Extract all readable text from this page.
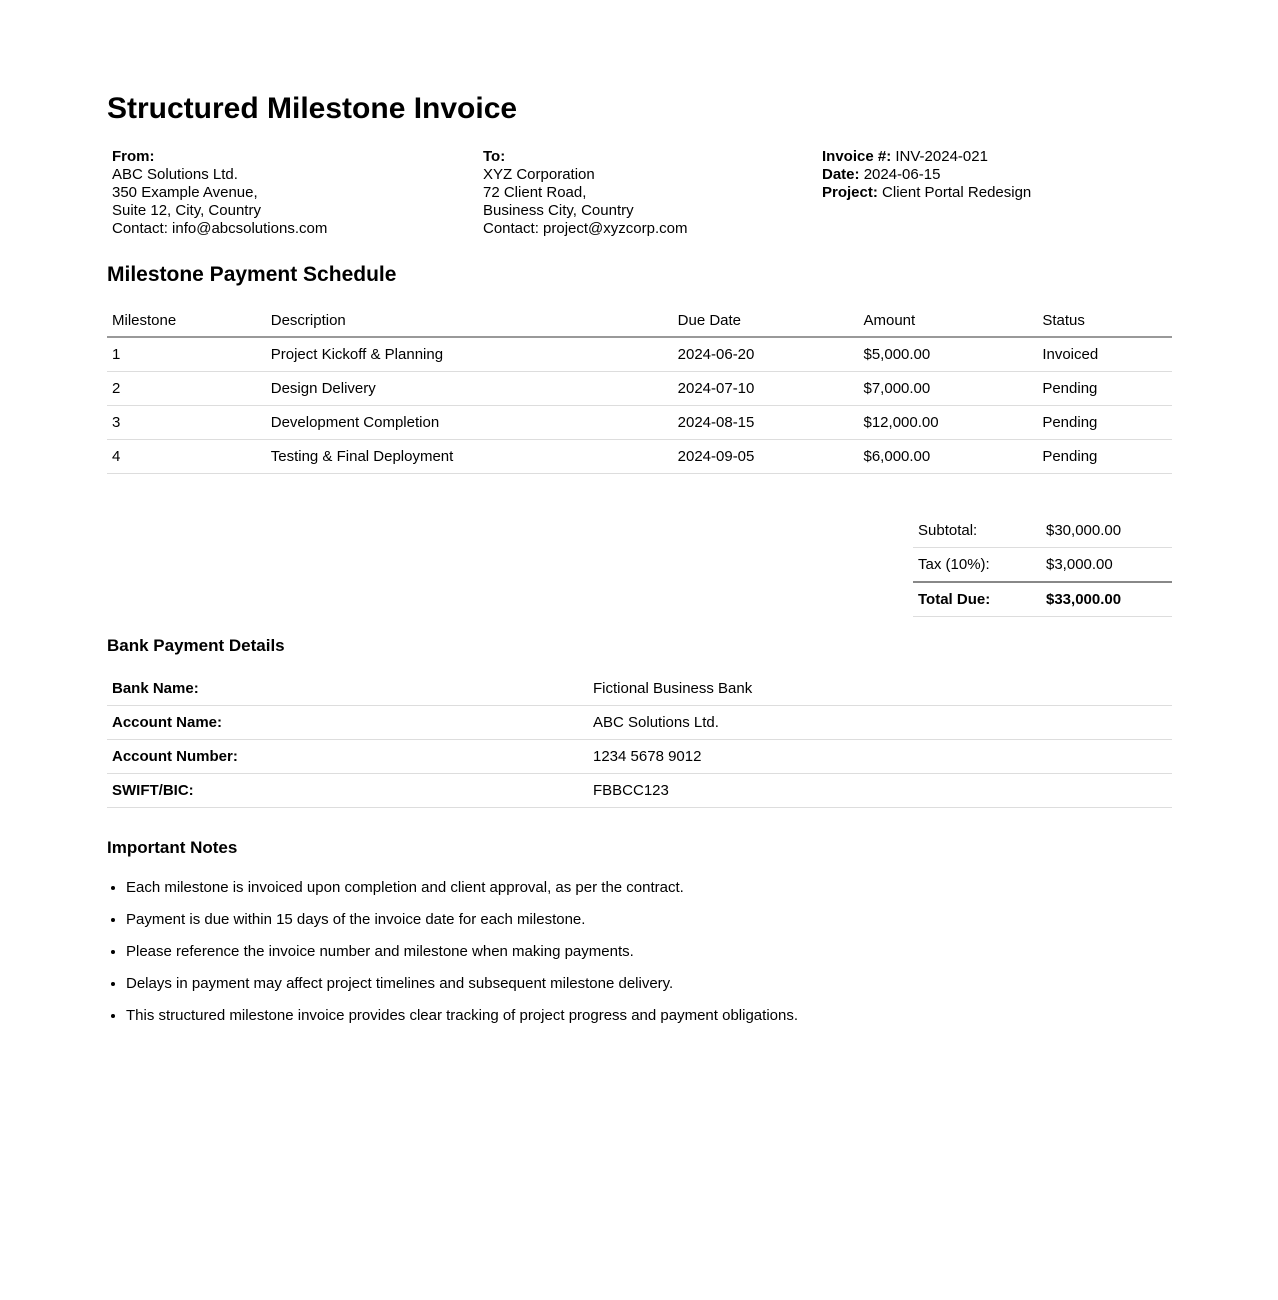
Structured Milestone Invoice
From:
ABC Solutions Ltd.
350 Example Avenue,
Suite 12, City, Country
Contact: info@abcsolutions.com
To:
XYZ Corporation
72 Client Road,
Business City, Country
Contact: project@xyzcorp.com
Invoice #: INV-2024-021
Date: 2024-06-15
Project: Client Portal Redesign
Milestone Payment Schedule
Milestone	Description	Due Date	Amount	Status
1	Project Kickoff & Planning	2024-06-20	$5,000.00	Invoiced
2	Design Delivery	2024-07-10	$7,000.00	Pending
3	Development Completion	2024-08-15	$12,000.00	Pending
4	Testing & Final Deployment	2024-09-05	$6,000.00	Pending
Subtotal:	$30,000.00
Tax (10%):	$3,000.00
Total Due:	$33,000.00
Bank Payment Details
Bank Name:	Fictional Business Bank
Account Name:	ABC Solutions Ltd.
Account Number:	1234 5678 9012
SWIFT/BIC:	FBBCC123
Important Notes
• Each milestone is invoiced upon completion and client approval, as per the contract.
• Payment is due within 15 days of the invoice date for each milestone.
• Please reference the invoice number and milestone when making payments.
• Delays in payment may affect project timelines and subsequent milestone delivery.
• This structured milestone invoice provides clear tracking of project progress and payment obligations.
